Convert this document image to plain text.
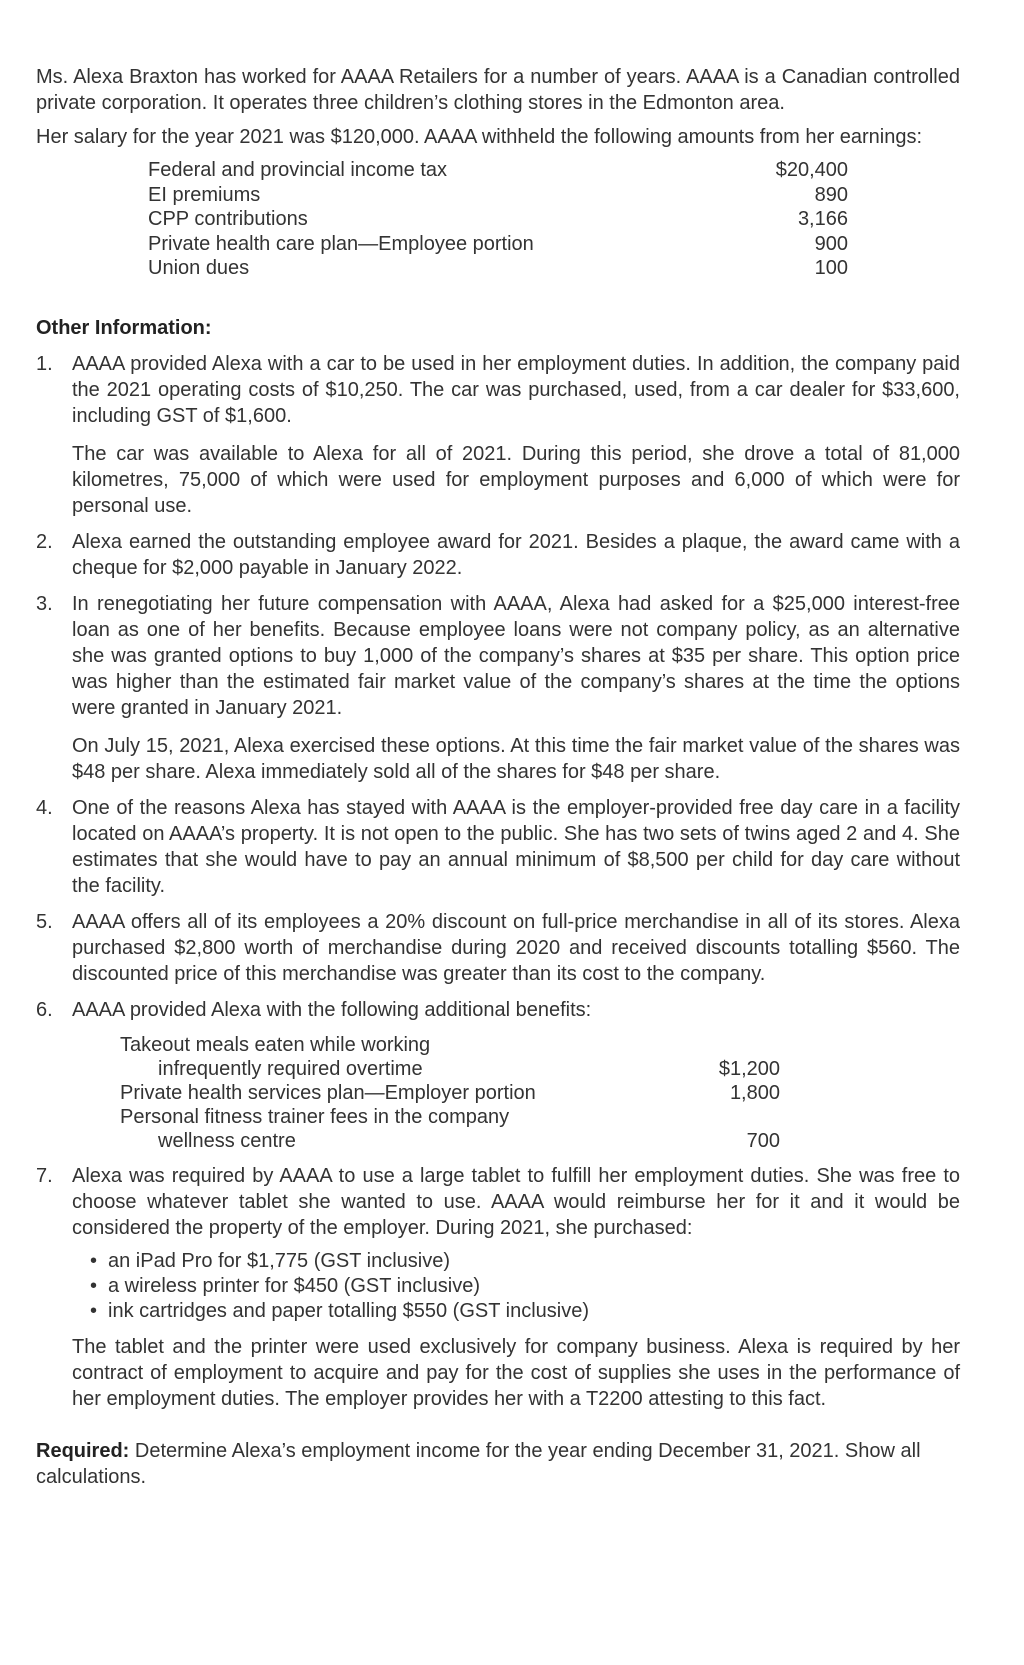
Ms. Alexa Braxton has worked for AAAA Retailers for a number of years. AAAA is a Canadian controlled private corporation. It operates three children’s clothing stores in the Edmonton area.

Her salary for the year 2021 was $120,000. AAAA withheld the following amounts from her earnings:

Federal and provincial income tax	$20,400
EI premiums	890
CPP contributions	3,166
Private health care plan—Employee portion	900
Union dues	100
Other Information:
1. AAAA provided Alexa with a car to be used in her employment duties. In addition, the company paid the 2021 operating costs of $10,250. The car was purchased, used, from a car dealer for $33,600, including GST of $1,600.

The car was available to Alexa for all of 2021. During this period, she drove a total of 81,000 kilometres, 75,000 of which were used for employment purposes and 6,000 of which were for personal use.

2. Alexa earned the outstanding employee award for 2021. Besides a plaque, the award came with a cheque for $2,000 payable in January 2022.

3. In renegotiating her future compensation with AAAA, Alexa had asked for a $25,000 interest-free loan as one of her benefits. Because employee loans were not company policy, as an alternative she was granted options to buy 1,000 of the company’s shares at $35 per share. This option price was higher than the estimated fair market value of the company’s shares at the time the options were granted in January 2021.

On July 15, 2021, Alexa exercised these options. At this time the fair market value of the shares was $48 per share. Alexa immediately sold all of the shares for $48 per share.

4. One of the reasons Alexa has stayed with AAAA is the employer-provided free day care in a facility located on AAAA’s property. It is not open to the public. She has two sets of twins aged 2 and 4. She estimates that she would have to pay an annual minimum of $8,500 per child for day care without the facility.

5. AAAA offers all of its employees a 20% discount on full-price merchandise in all of its stores. Alexa purchased $2,800 worth of merchandise during 2020 and received discounts totalling $560. The discounted price of this merchandise was greater than its cost to the company.

6. AAAA provided Alexa with the following additional benefits:

Takeout meals eaten while working
infrequently required overtime	$1,200
Private health services plan—Employer portion	1,800
Personal fitness trainer fees in the company
wellness centre	700
7. Alexa was required by AAAA to use a large tablet to fulfill her employment duties. She was free to choose whatever tablet she wanted to use. AAAA would reimburse her for it and it would be considered the property of the employer. During 2021, she purchased:

• an iPad Pro for $1,775 (GST inclusive)
• a wireless printer for $450 (GST inclusive)
• ink cartridges and paper totalling $550 (GST inclusive)

The tablet and the printer were used exclusively for company business. Alexa is required by her contract of employment to acquire and pay for the cost of supplies she uses in the performance of her employment duties. The employer provides her with a T2200 attesting to this fact.

Required: Determine Alexa’s employment income for the year ending December 31, 2021. Show all calculations.
